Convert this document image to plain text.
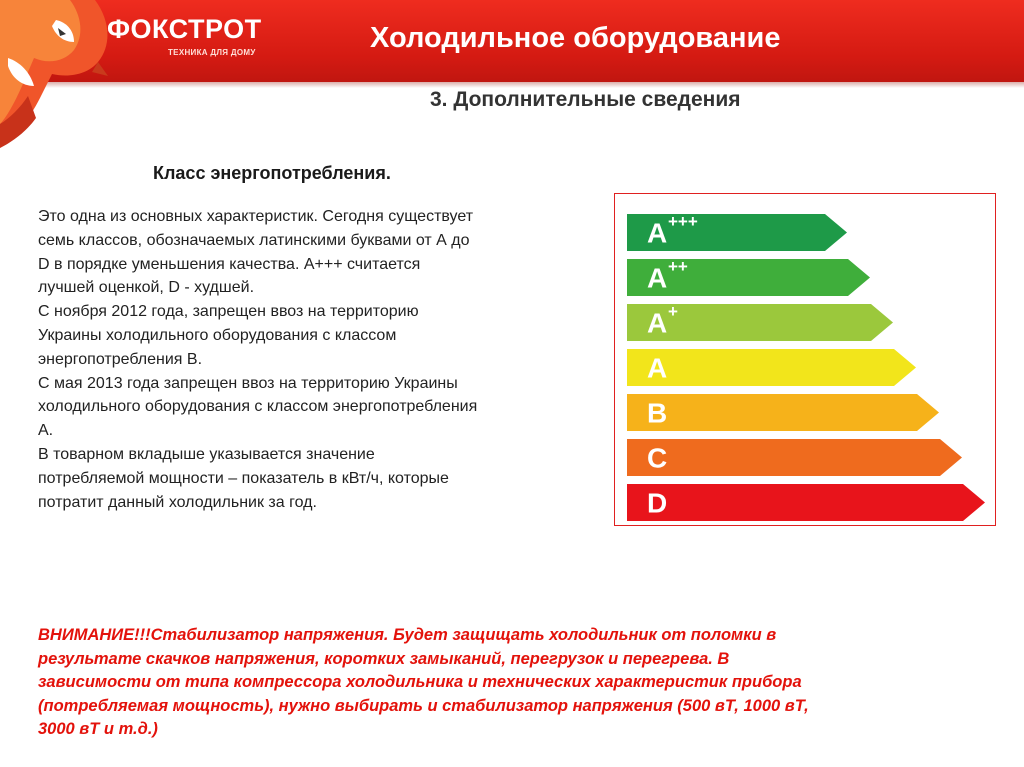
ФОКСТРОТ
ТЕХНИКА ДЛЯ ДОМУ	Холодильное оборудование
3. Дополнительные сведения
Класс энергопотребления.

Это одна из основных характеристик. Сегодня существует

семь классов, обозначаемых латинскими буквами от А до

D в порядке уменьшения качества. А+++ считается

лучшей оценкой, D - худшей.

С ноября 2012 года, запрещен ввоз на территорию

Украины холодильного оборудования с классом

энергопотребления В.

С мая 2013 года запрещен ввоз на территорию Украины

холодильного оборудования с классом энергопотребления

А.

В товарном вкладыше указывается значение

потребляемой мощности – показатель в кВт/ч, которые

потратит данный холодильник за год.

A +++
A ++
A +
A
B
C
D

ВНИМАНИЕ!!!Стабилизатор напряжения. Будет защищать холодильник от поломки в

результате скачков напряжения, коротких замыканий, перегрузок и перегрева. В

зависимости от типа компрессора холодильника и технических характеристик прибора

(потребляемая мощность), нужно выбирать и стабилизатор напряжения (500 вТ, 1000 вТ,

3000 вТ и т.д.)
